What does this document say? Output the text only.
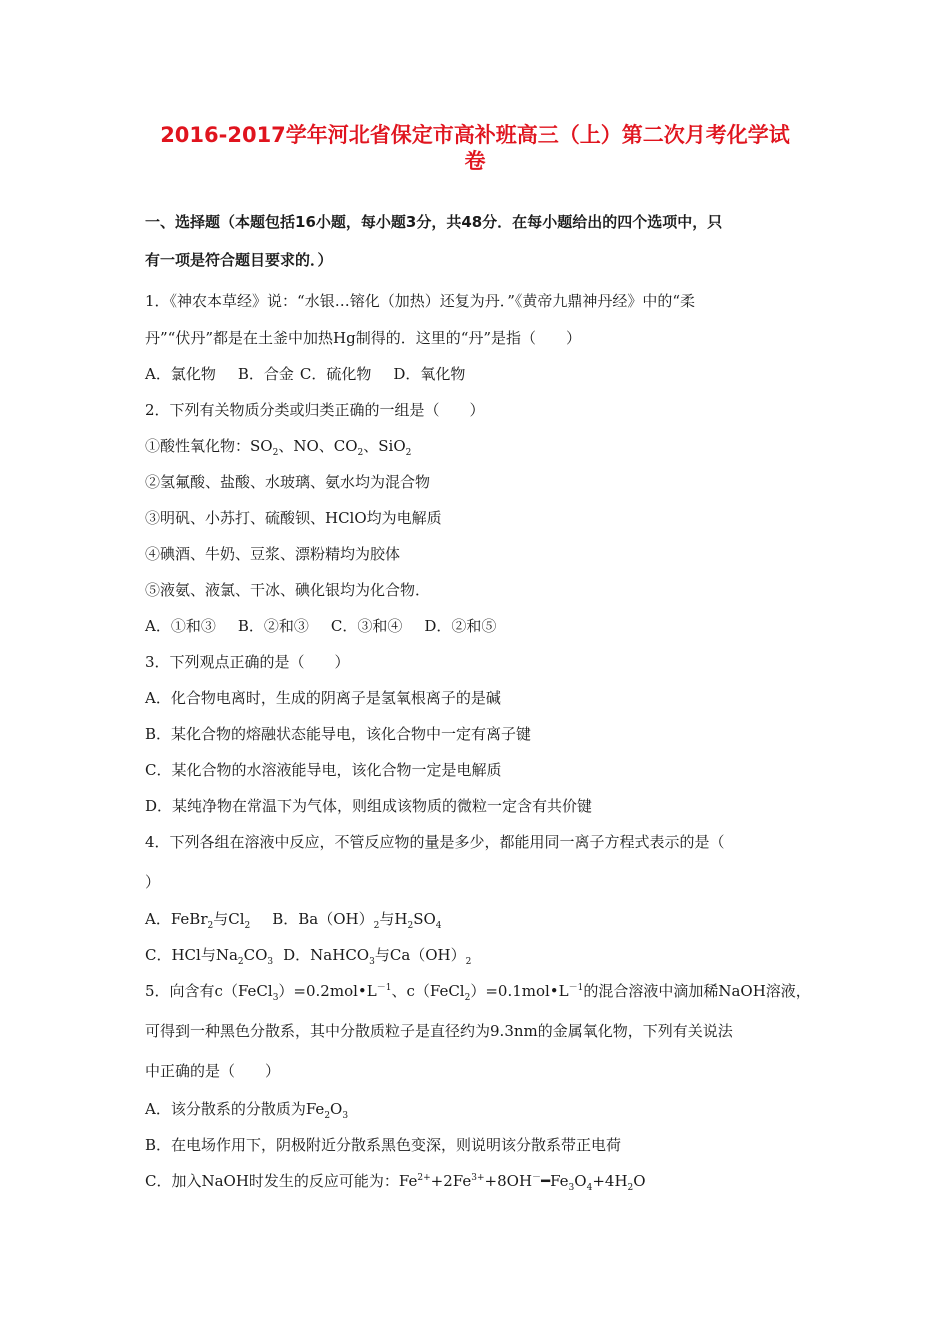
2016-2017学年河北省保定市高补班高三（上）第二次月考化学试
卷
一、选择题（本题包括16小题，每小题3分，共48分．在每小题给出的四个选项中，只
有一项是符合题目要求的．）
1．《神农本草经》说：“水银…镕化（加热）还复为丹．”《黄帝九鼎神丹经》中的“柔
丹”“伏丹”都是在土釜中加热Hg制得的．这里的“丹”是指（　　）
A．氯化物 B．合金 C．硫化物 D．氧化物
2．下列有关物质分类或归类正确的一组是（　　）
①酸性氧化物：$SO_2$、NO、$CO_2$、SiO$_2$
②氢氟酸、盐酸、水玻璃、氨水均为混合物
③明矾、小苏打、硫酸钡、HClO均为电解质
④碘酒、牛奶、豆浆、漂粉精均为胶体
⑤液氨、液氯、干冰、碘化银均为化合物．
A．①和③ B．②和③ C．③和④ D．②和⑤
3．下列观点正确的是（　　）
A．化合物电离时，生成的阴离子是氢氧根离子的是碱
B．某化合物的熔融状态能导电，该化合物中一定有离子键
C．某化合物的水溶液能导电，该化合物一定是电解质
D．某纯净物在常温下为气体，则组成该物质的微粒一定含有共价键
4．下列各组在溶液中反应，不管反应物的量是多少，都能用同一离子方程式表示的是（
）
A．FeBr$_2$与$Cl_2$ B．$Ba(OH)_2$与$H_2SO_4$
C．HCl与$Na_2CO_3$ D．NaHCO$_3$与$Ca(OH)_2$
5．向含有$c(FeCl_3)=0.2mol•L^{-1}$、$c(FeCl_2)=0.1mol•L^{-1}$的混合溶液中滴加稀NaOH溶液，
可得到一种黑色分散系，其中分散质粒子是直径约为9.3nm的金属氧化物，下列有关说法
中正确的是（　　）
A．该分散系的分散质为$Fe_2O_3$
B．在电场作用下，阴极附近分散系黑色变深，则说明该分散系带正电荷
C．加入NaOH时发生的反应可能为：$Fe^{2+}+2Fe^{3+}+8OH^-━Fe_3O_4+4H_2O$
